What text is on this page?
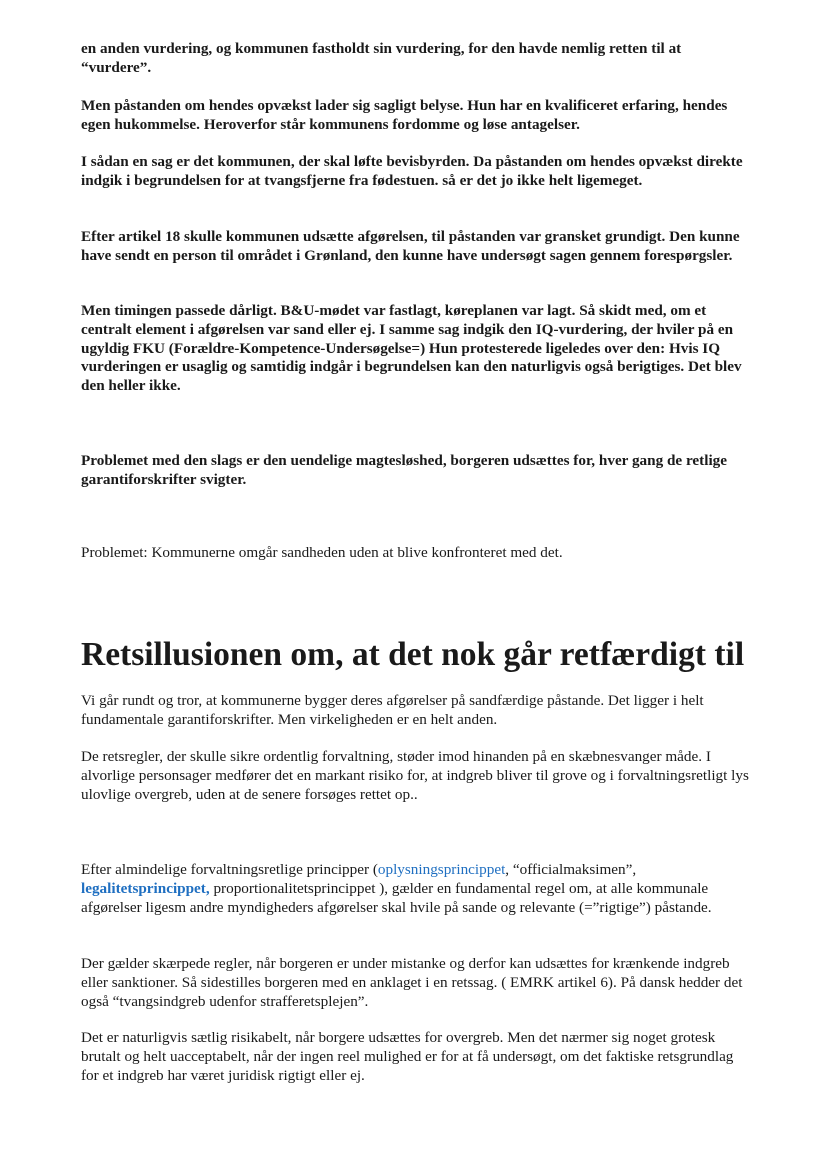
en anden vurdering, og kommunen fastholdt sin vurdering, for den havde nemlig retten til at “vurdere”.

Men påstanden om hendes opvækst lader sig sagligt belyse. Hun har en kvalificeret erfaring, hendes egen hukommelse. Heroverfor står kommunens fordomme og løse antagelser.

I sådan en sag er det kommunen, der skal løfte bevisbyrden. Da påstanden om hendes opvækst direkte indgik i begrundelsen for at tvangsfjerne fra fødestuen. så er det jo ikke helt ligemeget.

Efter artikel 18 skulle kommunen udsætte afgørelsen, til påstanden var gransket grundigt. Den kunne have sendt en person til området i Grønland, den kunne have undersøgt sagen gennem forespørgsler.

Men timingen passede dårligt. B&U-mødet var fastlagt, køreplanen var lagt. Så skidt med, om et centralt element i afgørelsen var sand eller ej. I samme sag indgik den IQ-vurdering, der hviler på en ugyldig FKU (Forældre-Kompetence-Undersøgelse=) Hun protesterede ligeledes over den: Hvis IQ vurderingen er usaglig og samtidig indgår i begrundelsen kan den naturligvis også berigtiges. Det blev den heller ikke.

Problemet med den slags er den uendelige magtesløshed, borgeren udsættes for, hver gang de retlige garantiforskrifter svigter.

Problemet: Kommunerne omgår sandheden uden at blive konfronteret med det.

Retsillusionen om, at det nok går retfærdigt til

Vi går rundt og tror, at kommunerne bygger deres afgørelser på sandfærdige påstande. Det ligger i helt fundamentale garantiforskrifter. Men virkeligheden er en helt anden.

De retsregler, der skulle sikre ordentlig forvaltning, støder imod hinanden på en skæbnesvanger måde. I alvorlige personsager medfører det en markant risiko for, at indgreb bliver til grove og i forvaltningsretligt lys ulovlige overgreb, uden at de senere forsøges rettet op..

Efter almindelige forvaltningsretlige principper (oplysningsprincippet, “officialmaksimen”,
legalitetsprincippet, proportionalitetsprincippet ), gælder en fundamental regel om, at alle kommunale afgørelser ligesm andre myndigheders afgørelser skal hvile på sande og relevante (=”rigtige”) påstande.

Der gælder skærpede regler, når borgeren er under mistanke og derfor kan udsættes for krænkende indgreb eller sanktioner. Så sidestilles borgeren med en anklaget i en retssag. ( EMRK artikel 6). På dansk hedder det også “tvangsindgreb udenfor strafferetsplejen”.

Det er naturligvis sætlig risikabelt, når borgere udsættes for overgreb. Men det nærmer sig noget grotesk brutalt og helt uacceptabelt, når der ingen reel mulighed er for at få undersøgt, om det faktiske retsgrundlag for et indgreb har været juridisk rigtigt eller ej.
